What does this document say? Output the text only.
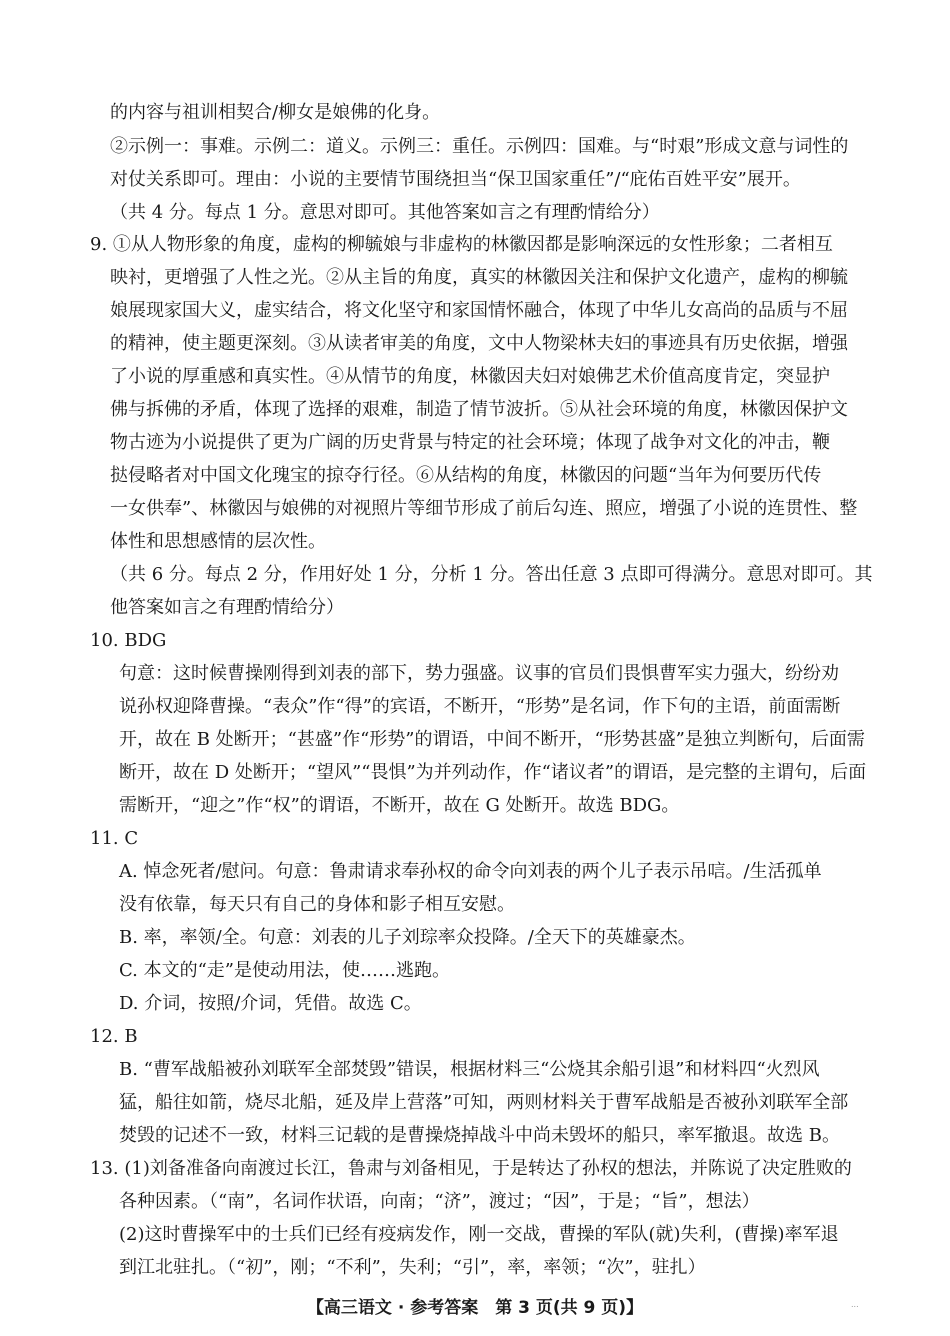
的内容与祖训相契合/柳女是娘佛的化身。
②示例一：事难。示例二：道义。示例三：重任。示例四：国难。与“时艰”形成文意与词性的
对仗关系即可。理由：小说的主要情节围绕担当“保卫国家重任”/“庇佑百姓平安”展开。
（共 4 分。每点 1 分。意思对即可。其他答案如言之有理酌情给分）
9. ①从人物形象的角度，虚构的柳毓娘与非虚构的林徽因都是影响深远的女性形象；二者相互
映衬，更增强了人性之光。②从主旨的角度，真实的林徽因关注和保护文化遗产，虚构的柳毓
娘展现家国大义，虚实结合，将文化坚守和家国情怀融合，体现了中华儿女高尚的品质与不屈
的精神，使主题更深刻。③从读者审美的角度，文中人物梁林夫妇的事迹具有历史依据，增强
了小说的厚重感和真实性。④从情节的角度，林徽因夫妇对娘佛艺术价值高度肯定，突显护
佛与拆佛的矛盾，体现了选择的艰难，制造了情节波折。⑤从社会环境的角度，林徽因保护文
物古迹为小说提供了更为广阔的历史背景与特定的社会环境；体现了战争对文化的冲击，鞭
挞侵略者对中国文化瑰宝的掠夺行径。⑥从结构的角度，林徽因的问题“当年为何要历代传
一女供奉”、林徽因与娘佛的对视照片等细节形成了前后勾连、照应，增强了小说的连贯性、整
体性和思想感情的层次性。
（共 6 分。每点 2 分，作用好处 1 分，分析 1 分。答出任意 3 点即可得满分。意思对即可。其
他答案如言之有理酌情给分）
10. BDG
句意：这时候曹操刚得到刘表的部下，势力强盛。议事的官员们畏惧曹军实力强大，纷纷劝
说孙权迎降曹操。“表众”作“得”的宾语，不断开，“形势”是名词，作下句的主语，前面需断
开，故在 B 处断开；“甚盛”作“形势”的谓语，中间不断开，“形势甚盛”是独立判断句，后面需
断开，故在 D 处断开；“望风”“畏惧”为并列动作，作“诸议者”的谓语，是完整的主谓句，后面
需断开，“迎之”作“权”的谓语，不断开，故在 G 处断开。故选 BDG。
11. C
A. 悼念死者/慰问。句意：鲁肃请求奉孙权的命令向刘表的两个儿子表示吊唁。/生活孤单
没有依靠，每天只有自己的身体和影子相互安慰。
B. 率，率领/全。句意：刘表的儿子刘琮率众投降。/全天下的英雄豪杰。
C. 本文的“走”是使动用法，使……逃跑。
D. 介词，按照/介词，凭借。故选 C。
12. B
B. “曹军战船被孙刘联军全部焚毁”错误，根据材料三“公烧其余船引退”和材料四“火烈风
猛，船往如箭，烧尽北船，延及岸上营落”可知，两则材料关于曹军战船是否被孙刘联军全部
焚毁的记述不一致，材料三记载的是曹操烧掉战斗中尚未毁坏的船只，率军撤退。故选 B。
13. (1)刘备准备向南渡过长江，鲁肃与刘备相见，于是转达了孙权的想法，并陈说了决定胜败的
各种因素。（“南”，名词作状语，向南；“济”，渡过；“因”，于是；“旨”，想法）
(2)这时曹操军中的士兵们已经有疫病发作，刚一交战，曹操的军队(就)失利，(曹操)率军退
到江北驻扎。（“初”，刚；“不利”，失利；“引”，率，率领；“次”，驻扎）
【高三语文 · 参考答案　第 3 页(共 9 页)】	...
